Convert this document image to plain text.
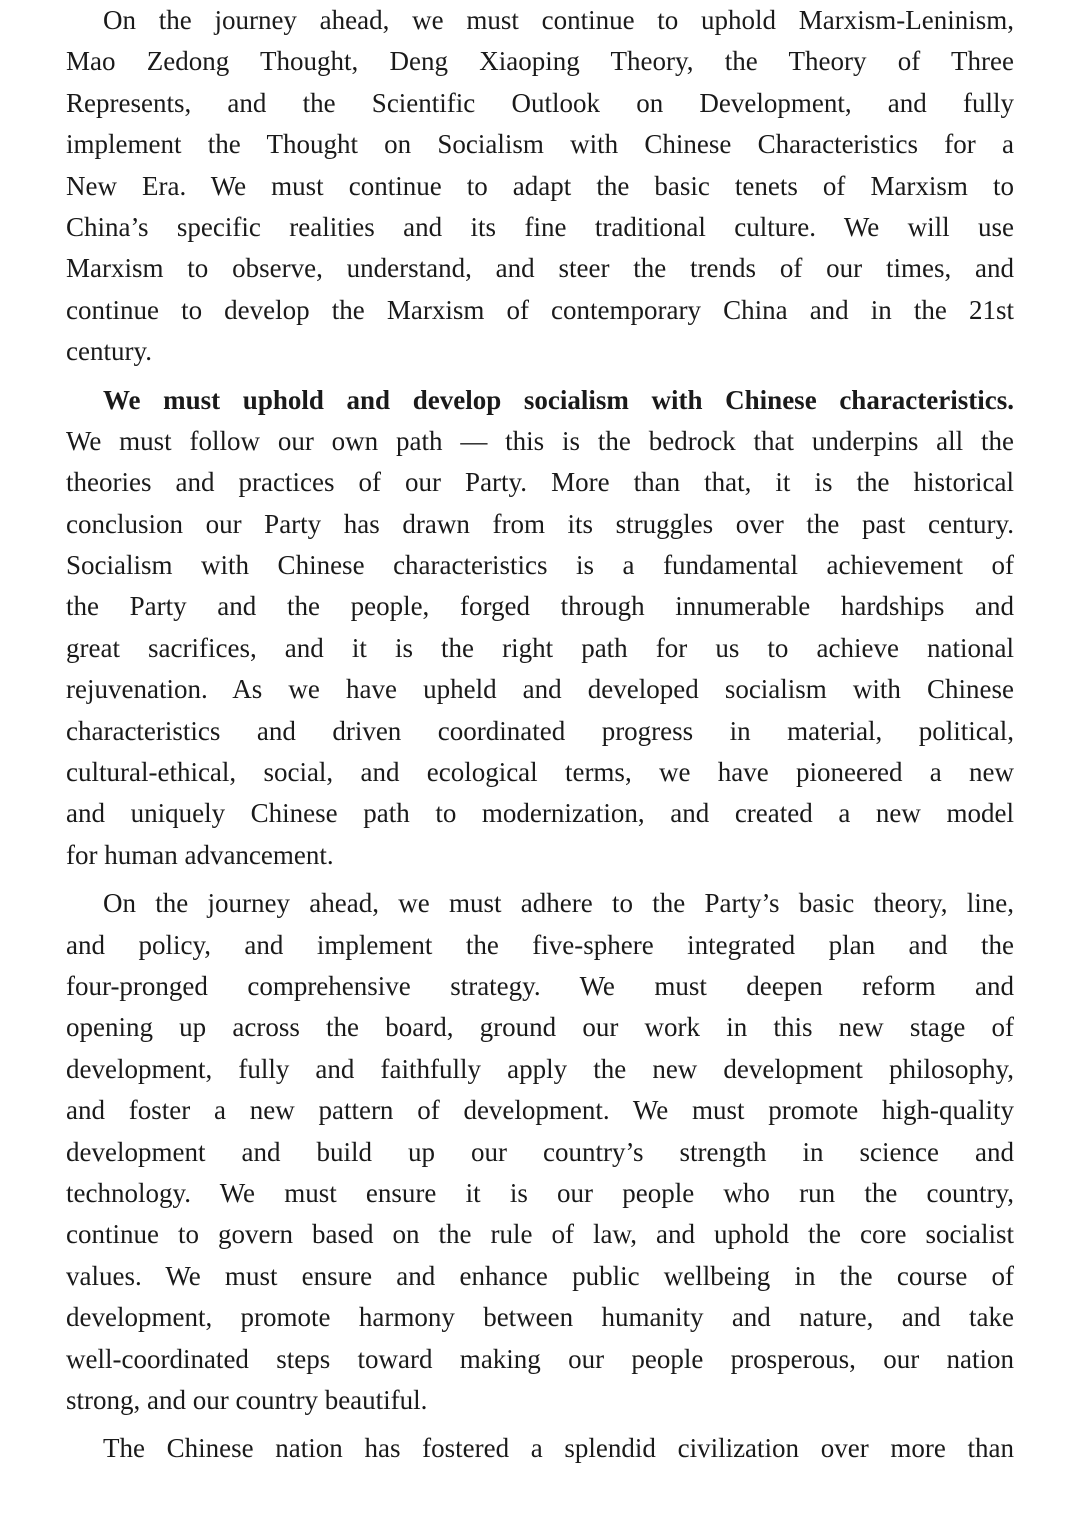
On the journey ahead, we must continue to uphold Marxism-Leninism,
Mao Zedong Thought, Deng Xiaoping Theory, the Theory of Three
Represents, and the Scientific Outlook on Development, and fully
implement the Thought on Socialism with Chinese Characteristics for a
New Era. We must continue to adapt the basic tenets of Marxism to
China’s specific realities and its fine traditional culture. We will use
Marxism to observe, understand, and steer the trends of our times, and
continue to develop the Marxism of contemporary China and in the 21st
century.
We must uphold and develop socialism with Chinese characteristics.
We must follow our own path — this is the bedrock that underpins all the
theories and practices of our Party. More than that, it is the historical
conclusion our Party has drawn from its struggles over the past century.
Socialism with Chinese characteristics is a fundamental achievement of
the Party and the people, forged through innumerable hardships and
great sacrifices, and it is the right path for us to achieve national
rejuvenation. As we have upheld and developed socialism with Chinese
characteristics and driven coordinated progress in material, political,
cultural-ethical, social, and ecological terms, we have pioneered a new
and uniquely Chinese path to modernization, and created a new model
for human advancement.
On the journey ahead, we must adhere to the Party’s basic theory, line,
and policy, and implement the five-sphere integrated plan and the
four-pronged comprehensive strategy. We must deepen reform and
opening up across the board, ground our work in this new stage of
development, fully and faithfully apply the new development philosophy,
and foster a new pattern of development. We must promote high-quality
development and build up our country’s strength in science and
technology. We must ensure it is our people who run the country,
continue to govern based on the rule of law, and uphold the core socialist
values. We must ensure and enhance public wellbeing in the course of
development, promote harmony between humanity and nature, and take
well-coordinated steps toward making our people prosperous, our nation
strong, and our country beautiful.
The Chinese nation has fostered a splendid civilization over more than
